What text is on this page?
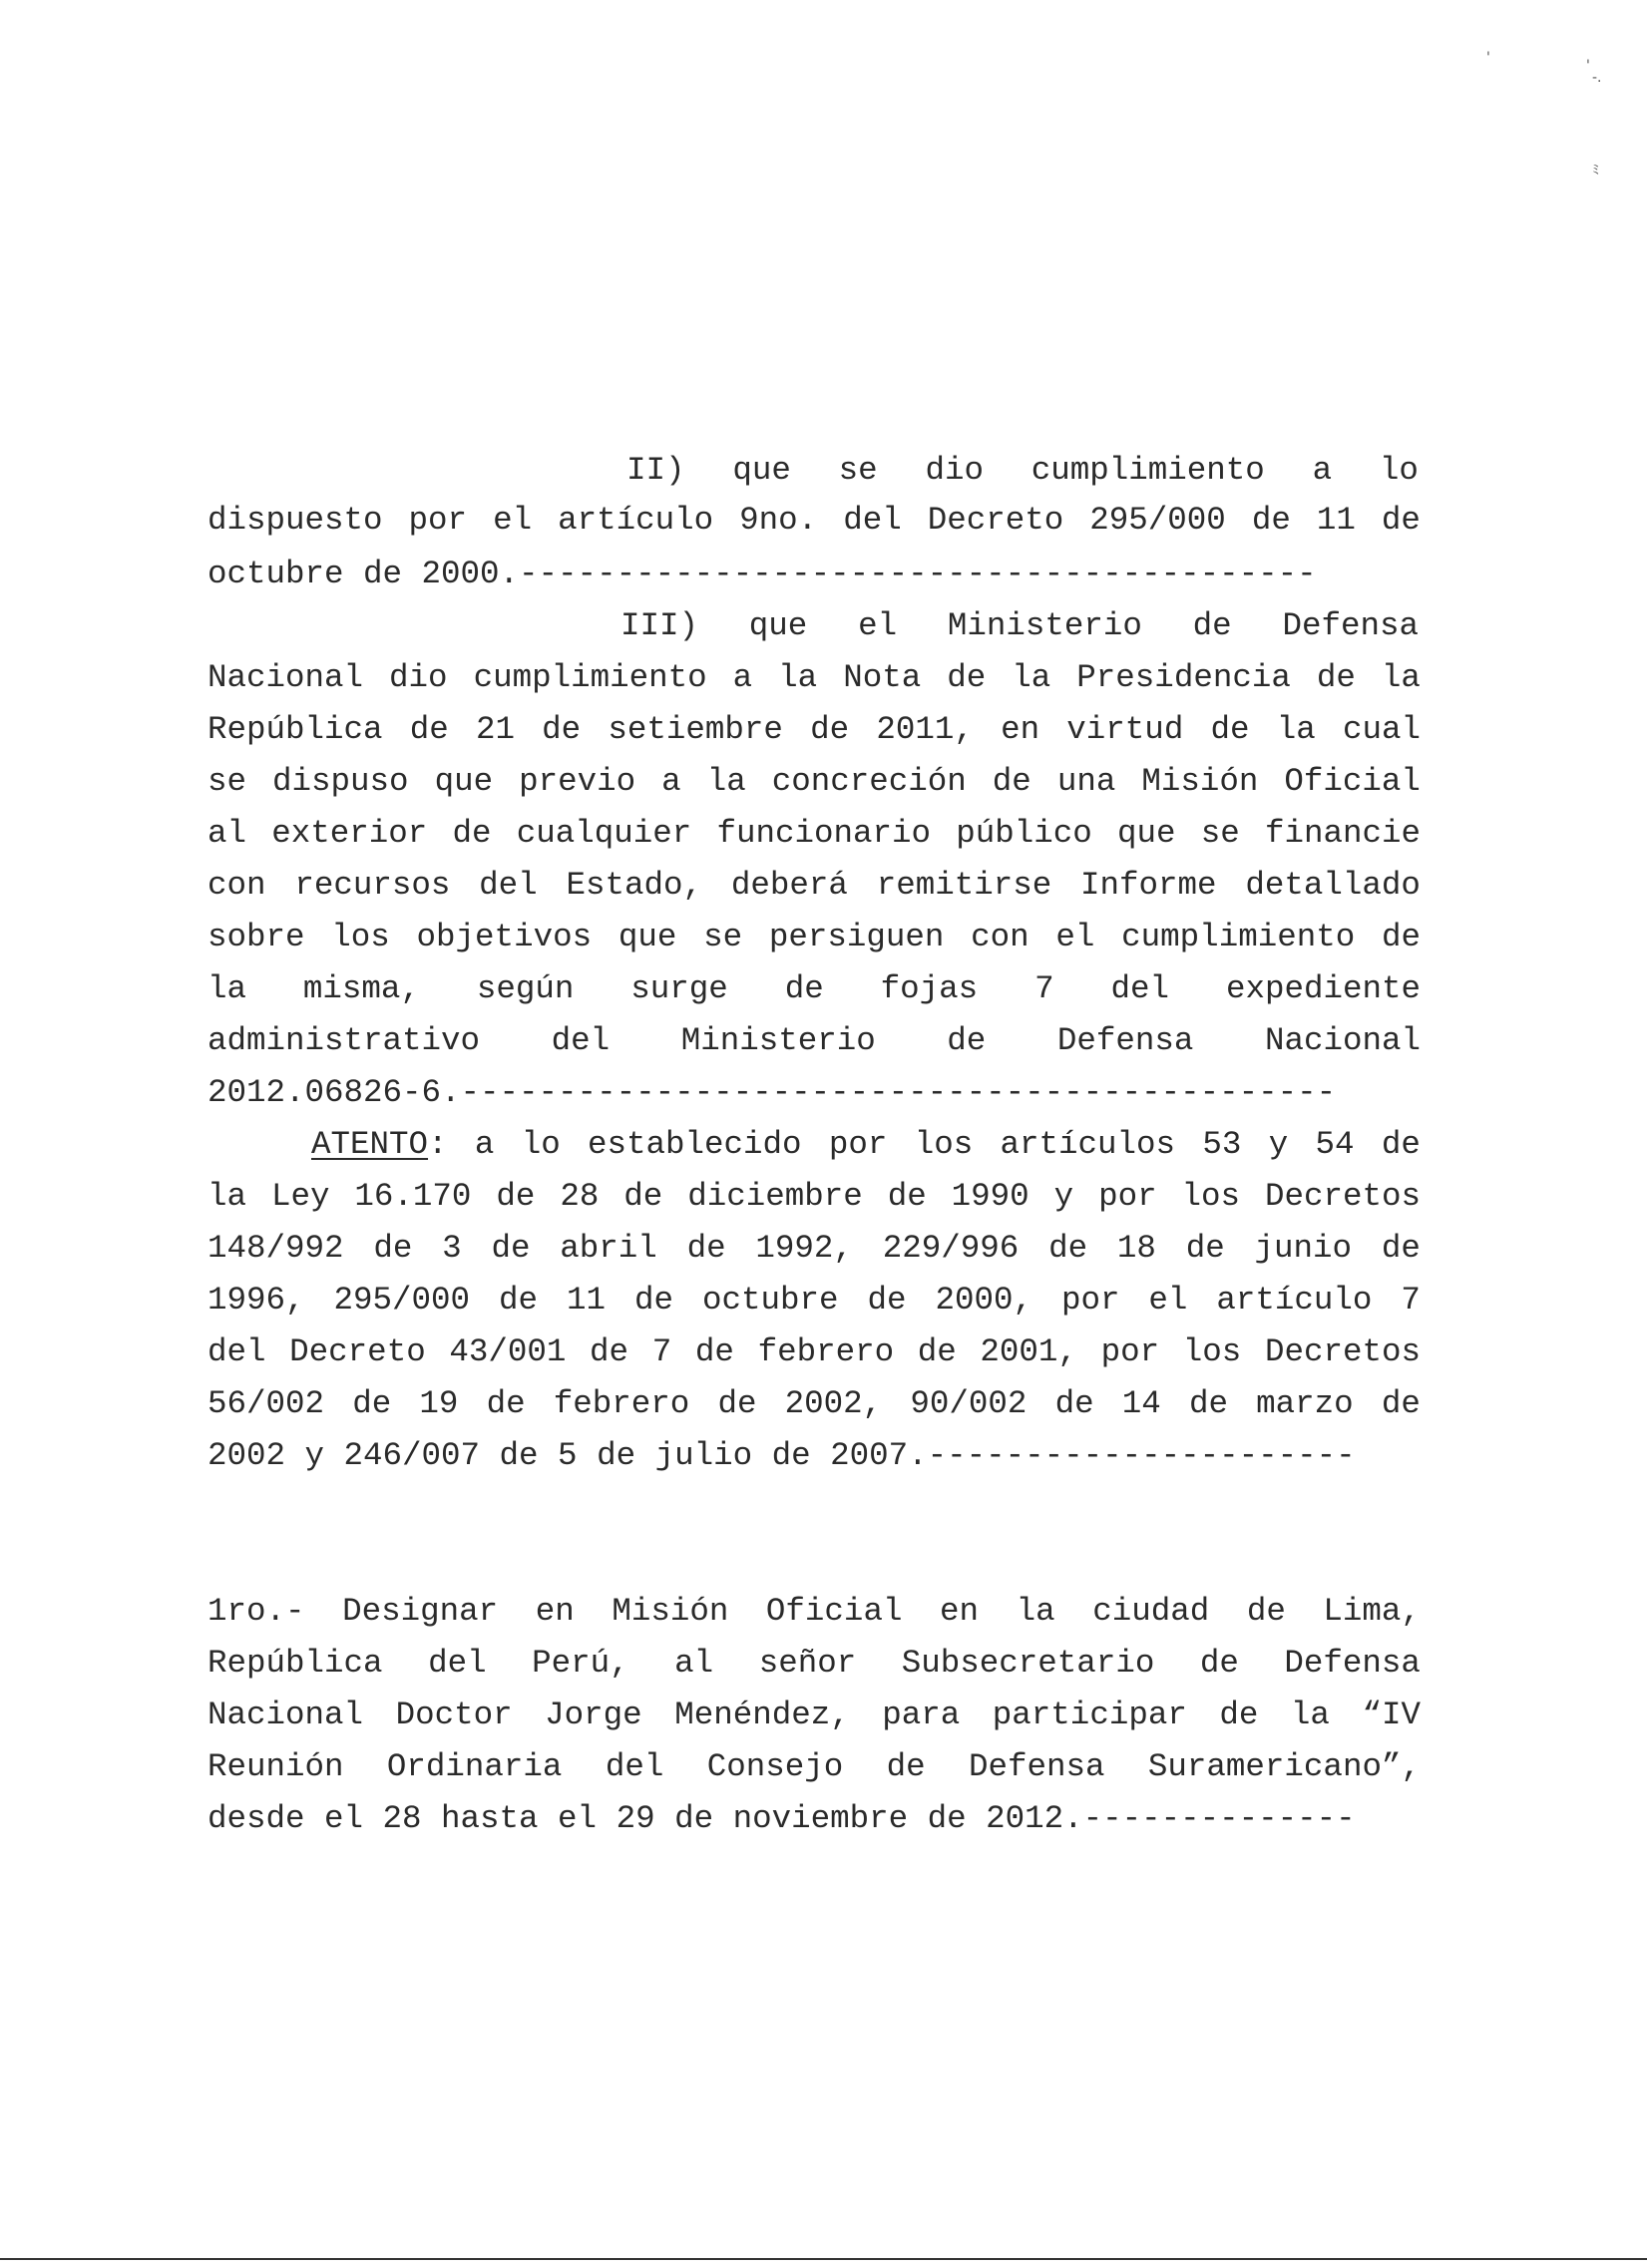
'	'
-.
ﾐ
II) que se dio cumplimiento a lo
dispuesto por el artículo 9no. del Decreto 295/000 de 11 de
octubre de 2000.-----------------------------------------
III) que el Ministerio de Defensa
Nacional dio cumplimiento a la Nota de la Presidencia de la
República de 21 de setiembre de 2011, en virtud de la cual
se dispuso que previo a la concreción de una Misión Oficial
al exterior de cualquier funcionario público que se financie
con recursos del Estado, deberá remitirse Informe detallado
sobre los objetivos que se persiguen con el cumplimiento de
la misma, según surge de fojas 7 del expediente
administrativo del Ministerio de Defensa Nacional
2012.06826-6.---------------------------------------------
ATENTO: a lo establecido por los artículos 53 y 54 de
la Ley 16.170 de 28 de diciembre de 1990 y por los Decretos
148/992 de 3 de abril de 1992, 229/996 de 18 de junio de
1996, 295/000 de 11 de octubre de 2000, por el artículo 7
del Decreto 43/001 de 7 de febrero de 2001, por los Decretos
56/002 de 19 de febrero de 2002, 90/002 de 14 de marzo de
2002 y 246/007 de 5 de julio de 2007.----------------------

1ro.- Designar en Misión Oficial en la ciudad de Lima,
República del Perú, al señor Subsecretario de Defensa
Nacional Doctor Jorge Menéndez, para participar de la “IV
Reunión Ordinaria del Consejo de Defensa Suramericano”,
desde el 28 hasta el 29 de noviembre de 2012.--------------
